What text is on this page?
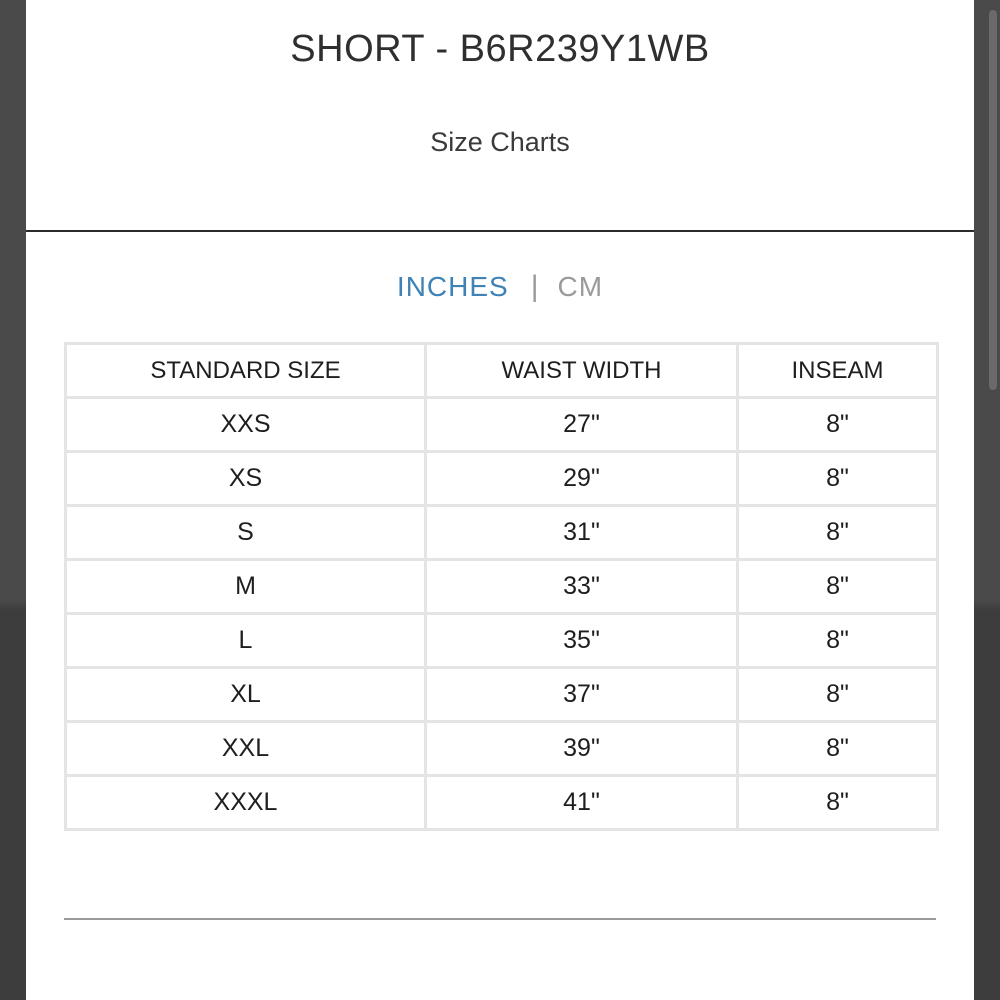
SHORT - B6R239Y1WB
Size Charts
INCHES | CM
STANDARD SIZE	WAIST WIDTH	INSEAM
XXS	27"	8"
XS	29"	8"
S	31"	8"
M	33"	8"
L	35"	8"
XL	37"	8"
XXL	39"	8"
XXXL	41"	8"
